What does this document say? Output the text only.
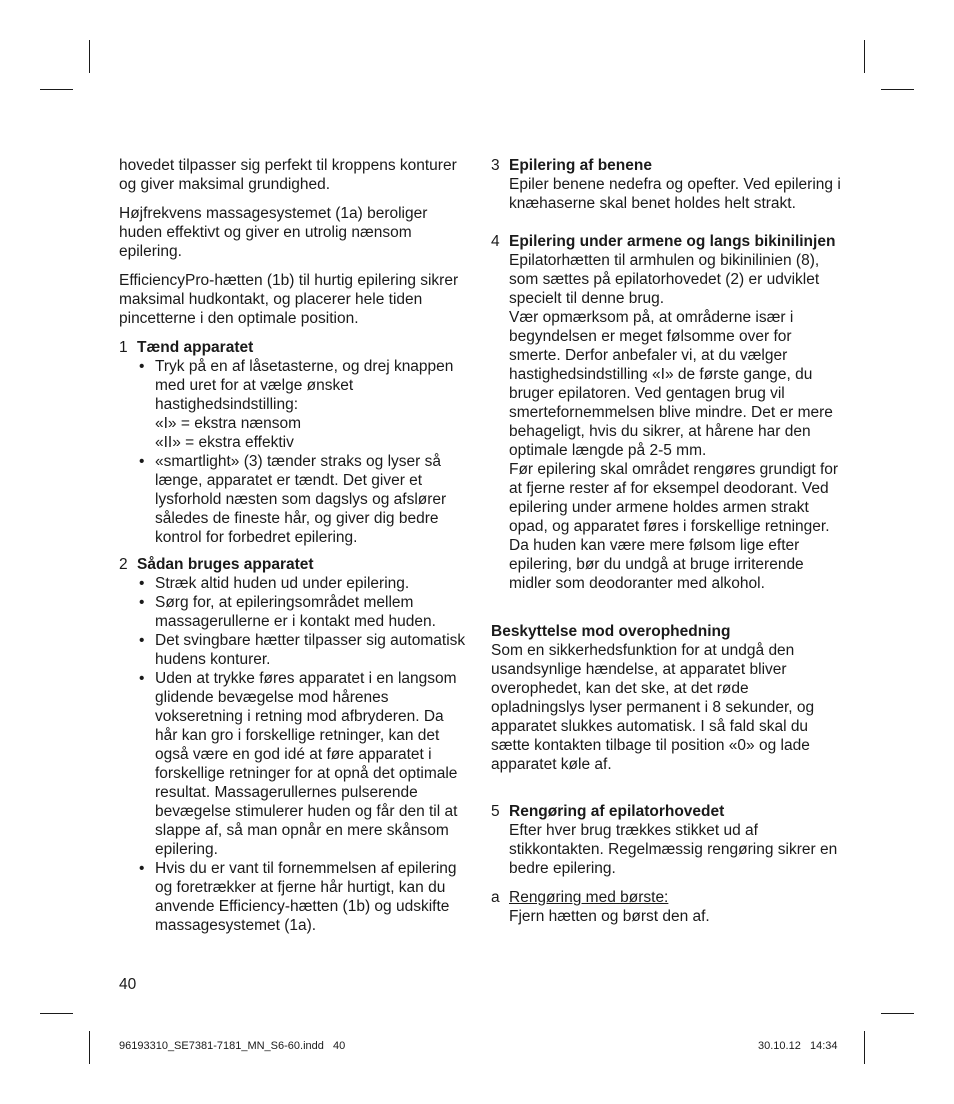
hovedet tilpasser sig perfekt til kroppens konturer og giver maksimal grundighed.

Højfrekvens massagesystemet (1a) beroliger huden effektivt og giver en utrolig nænsom epilering.

EfficiencyPro-hætten (1b) til hurtig epilering sikrer maksimal hudkontakt, og placerer hele tiden pincetterne i den optimale position.

1 Tænd apparatet
• Tryk på en af låsetasterne, og drej knappen med uret for at vælge ønsket hastighedsindstilling:
«I» = ekstra nænsom
«II» = ekstra effektiv
• «smartlight» (3) tænder straks og lyser så længe, apparatet er tændt. Det giver et lysforhold næsten som dagslys og afslører således de fineste hår, og giver dig bedre kontrol for forbedret epilering.
2 Sådan bruges apparatet
• Stræk altid huden ud under epilering.
• Sørg for, at epileringsområdet mellem massagerullerne er i kontakt med huden.
• Det svingbare hætter tilpasser sig automatisk hudens konturer.
• Uden at trykke føres apparatet i en langsom glidende bevægelse mod hårenes vokseretning i retning mod afbryderen. Da hår kan gro i forskellige retninger, kan det også være en god idé at føre apparatet i forskellige retninger for at opnå det optimale resultat. Massagerullernes pulserende bevægelse stimulerer huden og får den til at slappe af, så man opnår en mere skånsom epilering.
• Hvis du er vant til fornemmelsen af epilering og foretrækker at fjerne hår hurtigt, kan du anvende Efficiency-hætten (1b) og udskifte massagesystemet (1a).
40
3 Epilering af benene

Epiler benene nedefra og opefter. Ved epilering i knæhaserne skal benet holdes helt strakt.

4 Epilering under armene og langs bikinilinjen

Epilatorhætten til armhulen og bikinilinien (8), som sættes på epilatorhovedet (2) er udviklet specielt til denne brug.

Vær opmærksom på, at områderne især i begyndelsen er meget følsomme over for smerte. Derfor anbefaler vi, at du vælger hastighedsindstilling «I» de første gange, du bruger epilatoren. Ved gentagen brug vil smertefornemmelsen blive mindre. Det er mere behageligt, hvis du sikrer, at hårene har den optimale længde på 2-5 mm.

Før epilering skal området rengøres grundigt for at fjerne rester af for eksempel deodorant. Ved epilering under armene holdes armen strakt opad, og apparatet føres i forskellige retninger.

Da huden kan være mere følsom lige efter epilering, bør du undgå at bruge irriterende midler som deodoranter med alkohol.

Beskyttelse mod overophedning

Som en sikkerhedsfunktion for at undgå den usandsynlige hændelse, at apparatet bliver overophedet, kan det ske, at det røde opladningslys lyser permanent i 8 sekunder, og apparatet slukkes automatisk. I så fald skal du sætte kontakten tilbage til position «0» og lade apparatet køle af.

5 Rengøring af epilatorhovedet

Efter hver brug trækkes stikket ud af stikkontakten. Regelmæssig rengøring sikrer en bedre epilering.

a Rengøring med børste:

Fjern hætten og børst den af.

96193310_SE7381-7181_MN_S6-60.indd   40	30.10.12   14:34
